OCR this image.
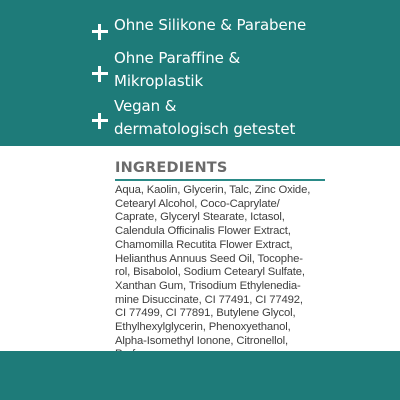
Ohne Silikone & Parabene
Ohne Paraffine &
Mikroplastik
Vegan &
dermatologisch getestet
INGREDIENTS
Aqua, Kaolin, Glycerin, Talc, Zinc Oxide,
Cetearyl Alcohol, Coco-Caprylate/
Caprate, Glyceryl Stearate, Ictasol,
Calendula Officinalis Flower Extract,
Chamomilla Recutita Flower Extract,
Helianthus Annuus Seed Oil, Tocophe-
rol, Bisabolol, Sodium Cetearyl Sulfate,
Xanthan Gum, Trisodium Ethylenedia-
mine Disuccinate, CI 77491, CI 77492,
CI 77499, CI 77891, Butylene Glycol,
Ethylhexylglycerin, Phenoxyethanol,
Alpha-Isomethyl Ionone, Citronellol,
